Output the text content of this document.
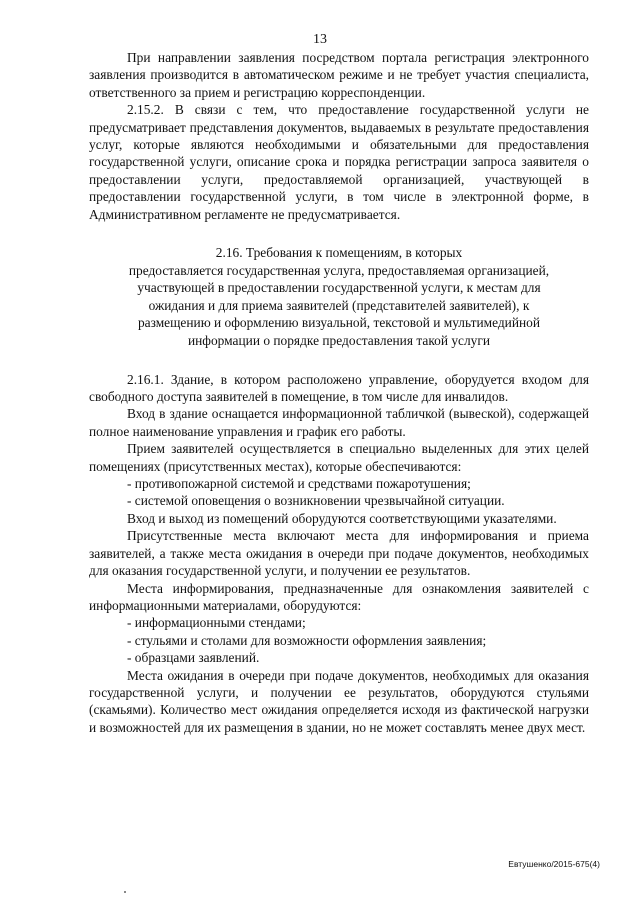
13

При направлении заявления посредством портала регистрация электронного заявления производится в автоматическом режиме и не требует участия специалиста, ответственного за прием и регистрацию корреспонденции.

2.15.2. В связи с тем, что предоставление государственной услуги не предусматривает представления документов, выдаваемых в результате предоставления услуг, которые являются необходимыми и обязательными для предоставления государственной услуги, описание срока и порядка регистрации запроса заявителя о предоставлении услуги, предоставляемой организацией, участвующей в предоставлении государственной услуги, в том числе в электронной форме, в Административном регламенте не предусматривается.

2.16. Требования к помещениям, в которых
предоставляется государственная услуга, предоставляемая организацией,
участвующей в предоставлении государственной услуги, к местам для
ожидания и для приема заявителей (представителей заявителей), к
размещению и оформлению визуальной, текстовой и мультимедийной
информации о порядке предоставления такой услуги

2.16.1. Здание, в котором расположено управление, оборудуется входом для свободного доступа заявителей в помещение, в том числе для инвалидов.

Вход в здание оснащается информационной табличкой (вывеской), содержащей полное наименование управления и график его работы.

Прием заявителей осуществляется в специально выделенных для этих целей помещениях (присутственных местах), которые обеспечиваются:

- противопожарной системой и средствами пожаротушения;

- системой оповещения о возникновении чрезвычайной ситуации.

Вход и выход из помещений оборудуются соответствующими указателями.

Присутственные места включают места для информирования и приема заявителей, а также места ожидания в очереди при подаче документов, необходимых для оказания государственной услуги, и получении ее результатов.

Места информирования, предназначенные для ознакомления заявителей с информационными материалами, оборудуются:

- информационными стендами;

- стульями и столами для возможности оформления заявления;

- образцами заявлений.

Места ожидания в очереди при подаче документов, необходимых для оказания государственной услуги, и получении ее результатов, оборудуются стульями (скамьями). Количество мест ожидания определяется исходя из фактической нагрузки и возможностей для их размещения в здании, но не может составлять менее двух мест.

Евтушенко/2015-675(4)
